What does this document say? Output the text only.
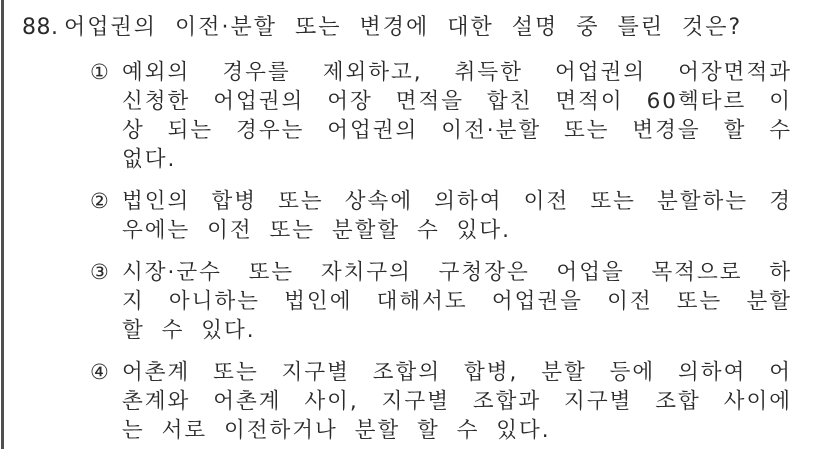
88. 어업권의 이전·분할 또는 변경에 대한 설명 중 틀린 것은?
① 예외의 경우를 제외하고, 취득한 어업권의 어장면적과
신청한 어업권의 어장 면적을 합친 면적이 60헥타르 이
상 되는 경우는 어업권의 이전·분할 또는 변경을 할 수
없다.
② 법인의 합병 또는 상속에 의하여 이전 또는 분할하는 경
우에는 이전 또는 분할할 수 있다.
③ 시장·군수 또는 자치구의 구청장은 어업을 목적으로 하
지 아니하는 법인에 대해서도 어업권을 이전 또는 분할
할 수 있다.
④ 어촌계 또는 지구별 조합의 합병, 분할 등에 의하여 어
촌계와 어촌계 사이, 지구별 조합과 지구별 조합 사이에
는 서로 이전하거나 분할 할 수 있다.
